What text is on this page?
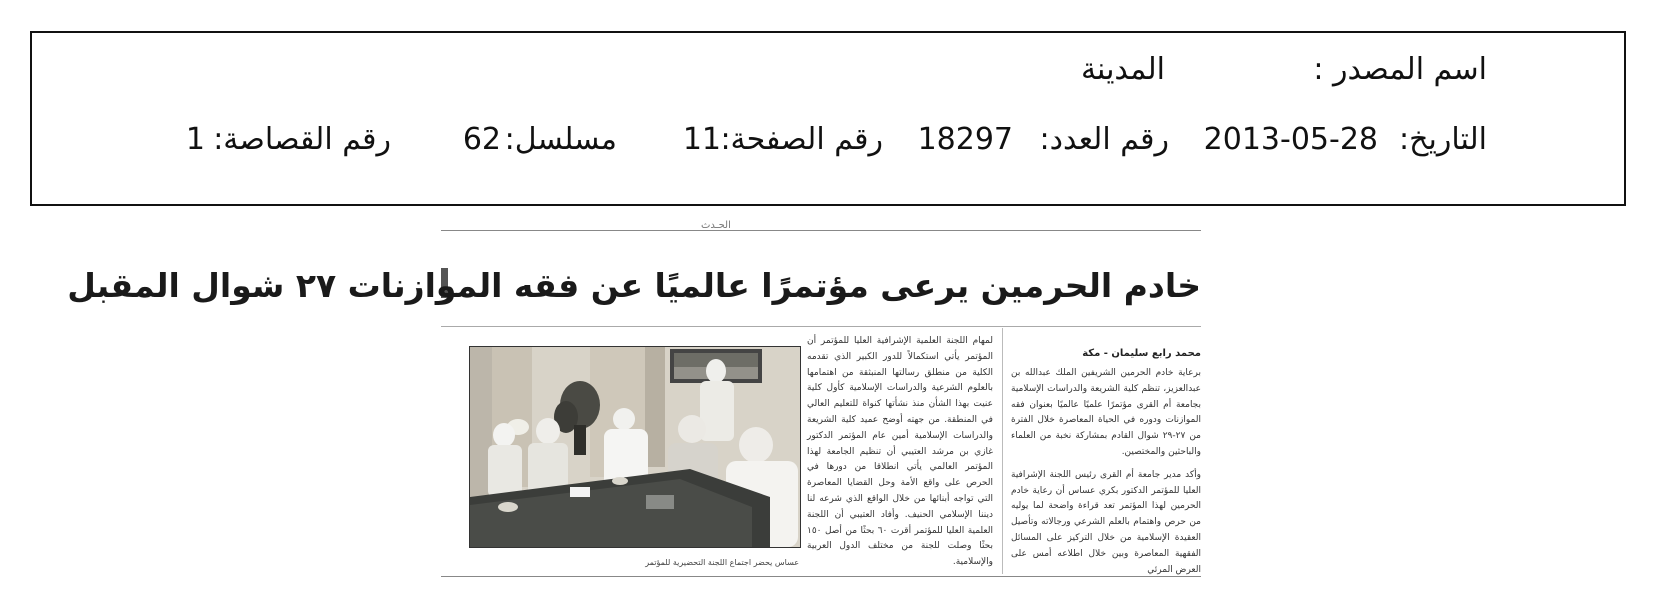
اسم المصدر :
المدينة
التاريخ:
2013-05-28
رقم العدد:
18297
رقم الصفحة:
11
مسلسل:
62
رقم القصاصة:
1
الحـدث
خادم الحرمين يرعى مؤتمرًا عالميًا عن فقه الموازنات ٢٧ شوال المقبل
محمد رابع سليمان - مكة

برعاية خادم الحرمين الشريفين الملك عبدالله بن عبدالعزيز، تنظم كلية الشريعة والدراسات الإسلامية بجامعة أم القرى مؤتمرًا علميًا عالميًا بعنوان فقه الموازنات ودوره في الحياة المعاصرة خلال الفترة من ٢٧-٢٩ شوال القادم بمشاركة نخبة من العلماء والباحثين والمختصين.

وأكد مدير جامعة أم القرى رئيس اللجنة الإشرافية العليا للمؤتمر الدكتور بكري عساس أن رعاية خادم الحرمين لهذا المؤتمر تعد قراءة واضحة لما يوليه من حرص واهتمام بالعلم الشرعي ورجالاته وتأصيل العقيدة الإسلامية من خلال التركيز على المسائل الفقهية المعاصرة وبين خلال اطلاعه أمس على العرض المرئي

لمهام اللجنة العلمية الإشرافية العليا للمؤتمر أن المؤتمر يأتي استكمالاً للدور الكبير الذي تقدمه الكلية من منطلق رسالتها المنبثقة من اهتمامها بالعلوم الشرعية والدراسات الإسلامية كأول كلية عنيت بهذا الشأن منذ نشأتها كنواة للتعليم العالي في المنطقة. من جهته أوضح عميد كلية الشريعة والدراسات الإسلامية أمين عام المؤتمر الدكتور غازي بن مرشد العتيبي أن تنظيم الجامعة لهذا المؤتمر العالمي يأتي انطلاقا من دورها في الحرص على واقع الأمة وحل القضايا المعاصرة التي تواجه أبنائها من خلال الواقع الذي شرعه لنا ديننا الإسلامي الحنيف. وأفاد العتيبي أن اللجنة العلمية العليا للمؤتمر أقرت ٦٠ بحثًا من أصل ١٥٠ بحثًا وصلت للجنة من مختلف الدول العربية والإسلامية.

عساس يحضر اجتماع اللجنة التحضيرية للمؤتمر
